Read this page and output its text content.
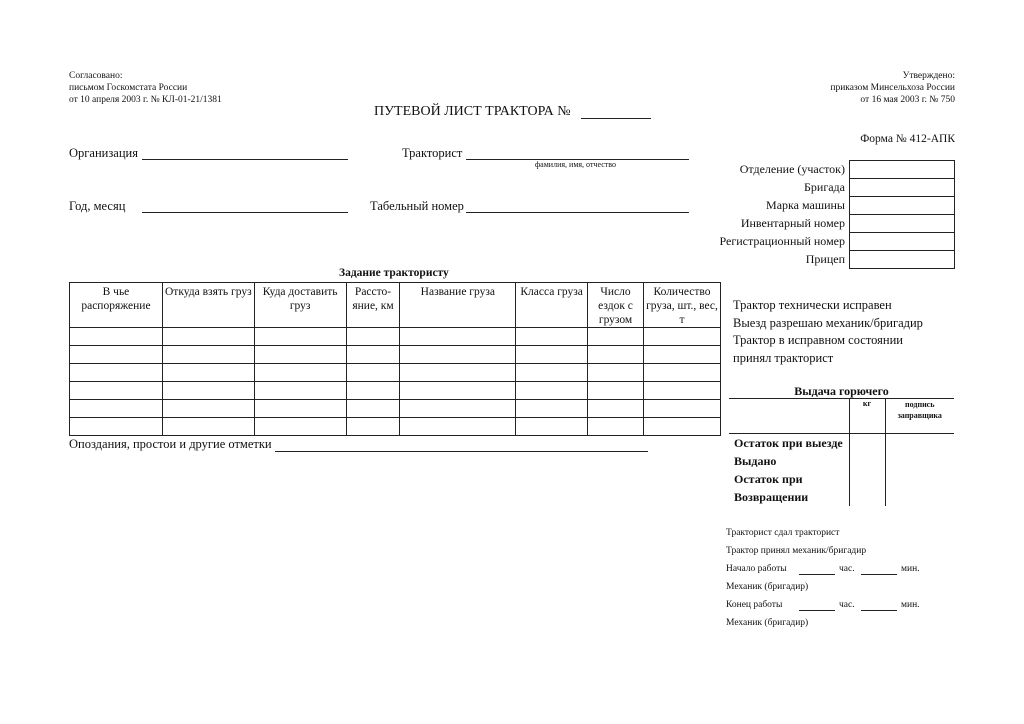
Согласовано:
письмом Госкомстата России
от 10 апреля 2003 г. № КЛ-01-21/1381
Утверждено:
приказом Минсельхоза России
от 16 мая 2003 г. № 750
ПУТЕВОЙ ЛИСТ ТРАКТОРА №
Форма № 412-АПК
Организация	Тракторист
фамилия, имя, отчество
Год, месяц	Табельный номер
Отделение (участок)	
Бригада	
Марка машины	
Инвентарный номер	
Регистрационный номер	
Прицеп	
Задание трактористу
В чье распоряжение	Откуда взять груз	Куда доставить груз	Рассто-яние, км	Название груза	Класса груза	Число ездок с грузом	Количество груза, шт., вес, т

Опоздания, простои и другие отметки
Трактор технически исправен
Выезд разрешаю механик/бригадир
Трактор в исправном состоянии
принял тракторист
Выдача горючего		
	кг	подпись заправщика
Остаток при выезде		
Выдано		
Остаток при		
Возвращении		
Тракторист сдал тракторист
Трактор принял механик/бригадир
Начало работы	час.	мин.
Механик (бригадир)
Конец работы	час.	мин.
Механик (бригадир)
